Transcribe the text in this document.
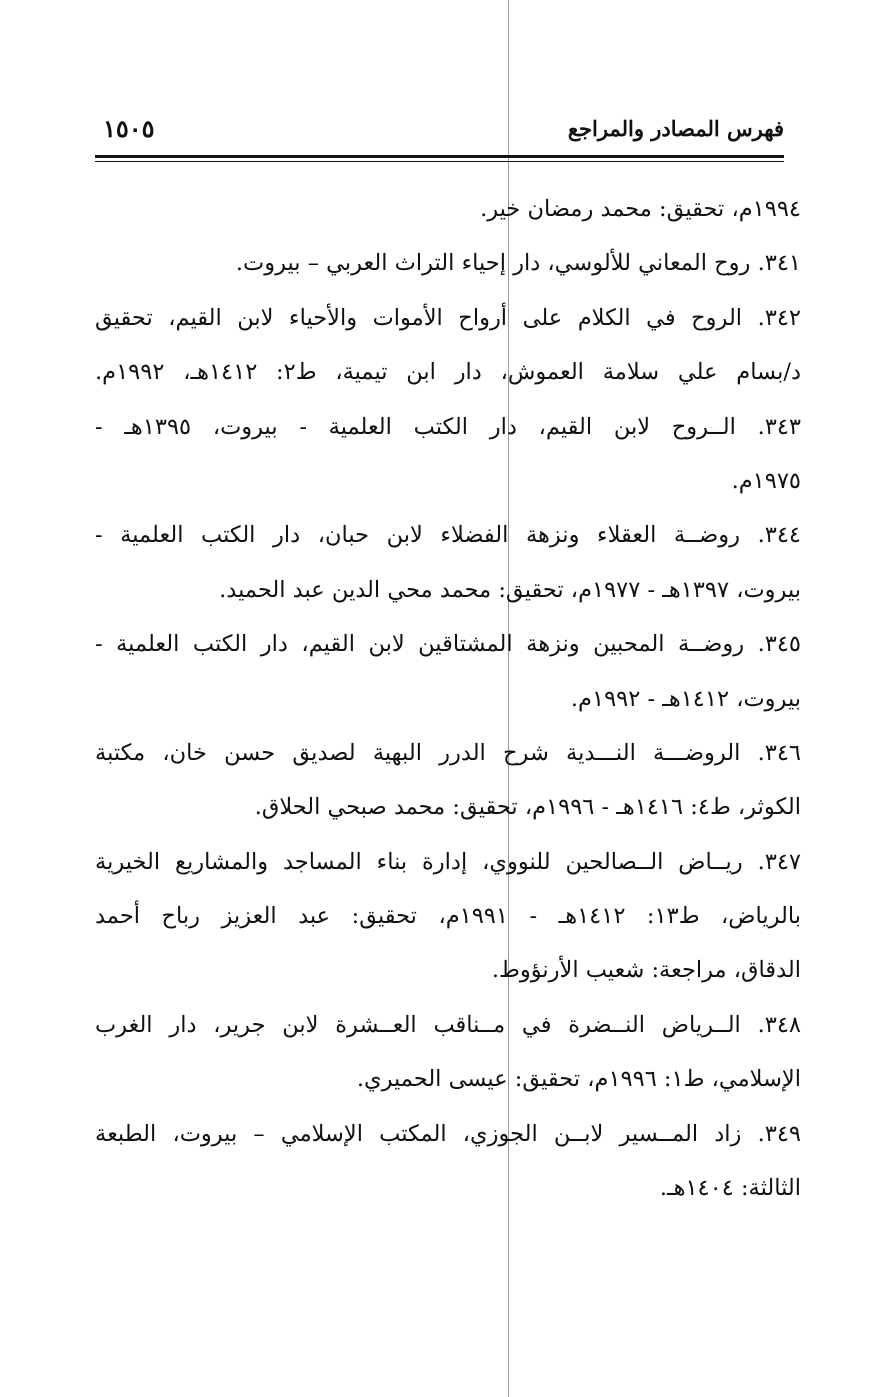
فهرس المصادر والمراجع
١٥٠٥
١٩٩٤م، تحقيق: محمد رمضان خير.
٣٤١. روح المعاني للألوسي، دار إحياء التراث العربي – بيروت.
٣٤٢. الروح في الكلام على أرواح الأموات والأحياء لابن القيم، تحقيق
د/بسام علي سلامة العموش، دار ابن تيمية، ط٢: ١٤١٢هـ، ١٩٩٢م.
٣٤٣. الــروح لابن القيم، دار الكتب العلمية - بيروت، ١٣٩٥هـ -
١٩٧٥م.
٣٤٤. روضــة العقلاء ونزهة الفضلاء لابن حبان، دار الكتب العلمية -
بيروت، ١٣٩٧هـ - ١٩٧٧م، تحقيق: محمد محي الدين عبد الحميد.
٣٤٥. روضــة المحبين ونزهة المشتاقين لابن القيم، دار الكتب العلمية -
بيروت، ١٤١٢هـ - ١٩٩٢م.
٣٤٦. الروضـــة النـــدية شرح الدرر البهية لصديق حسن خان، مكتبة
الكوثر، ط٤: ١٤١٦هـ - ١٩٩٦م، تحقيق: محمد صبحي الحلاق.
٣٤٧. ريــاض الــصالحين للنووي، إدارة بناء المساجد والمشاريع الخيرية
بالرياض، ط١٣: ١٤١٢هـ - ١٩٩١م، تحقيق: عبد العزيز رباح أحمد
الدقاق، مراجعة: شعيب الأرنؤوط.
٣٤٨. الــرياض النــضرة في مــناقب العــشرة لابن جرير، دار الغرب
الإسلامي، ط١: ١٩٩٦م، تحقيق: عيسى الحميري.
٣٤٩. زاد المــسير لابــن الجوزي، المكتب الإسلامي – بيروت، الطبعة
الثالثة: ١٤٠٤هـ.
